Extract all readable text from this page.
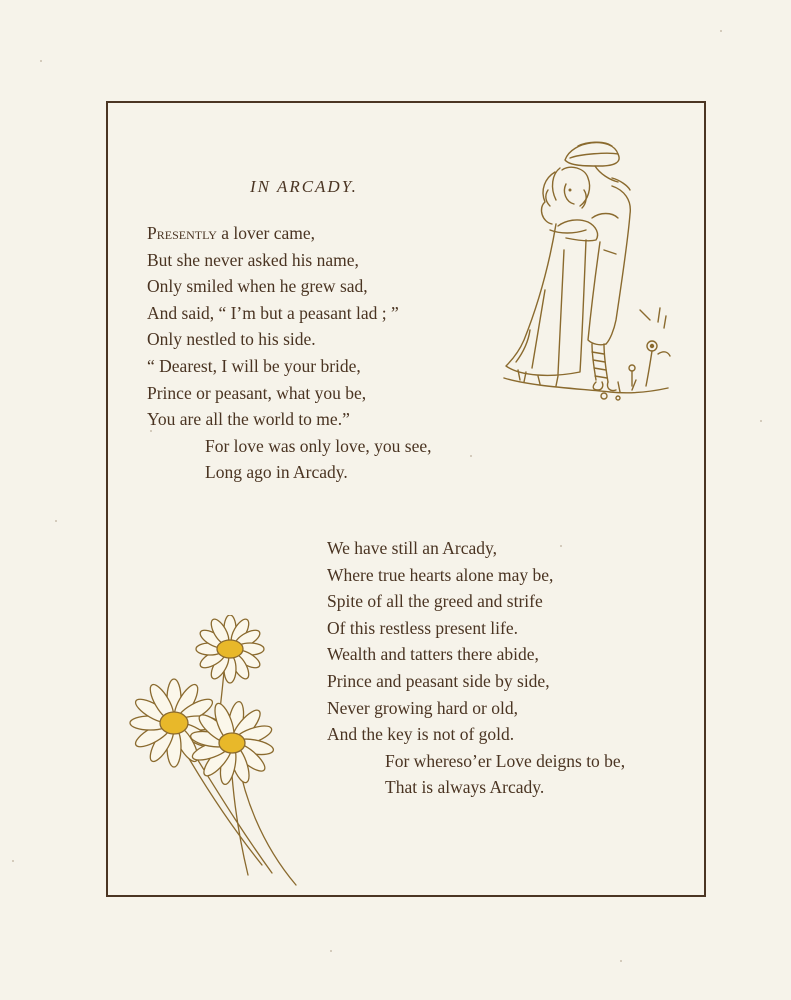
IN ARCADY.
Presently a lover came,
But she never asked his name,
Only smiled when he grew sad,
And said, “ I’m but a peasant lad ; ”
Only nestled to his side.
“ Dearest, I will be your bride,
Prince or peasant, what you be,
You are all the world to me.”
For love was only love, you see,
Long ago in Arcady.
We have still an Arcady,
Where true hearts alone may be,
Spite of all the greed and strife
Of this restless present life.
Wealth and tatters there abide,
Prince and peasant side by side,
Never growing hard or old,
And the key is not of gold.
For whereso’er Love deigns to be,
That is always Arcady.
